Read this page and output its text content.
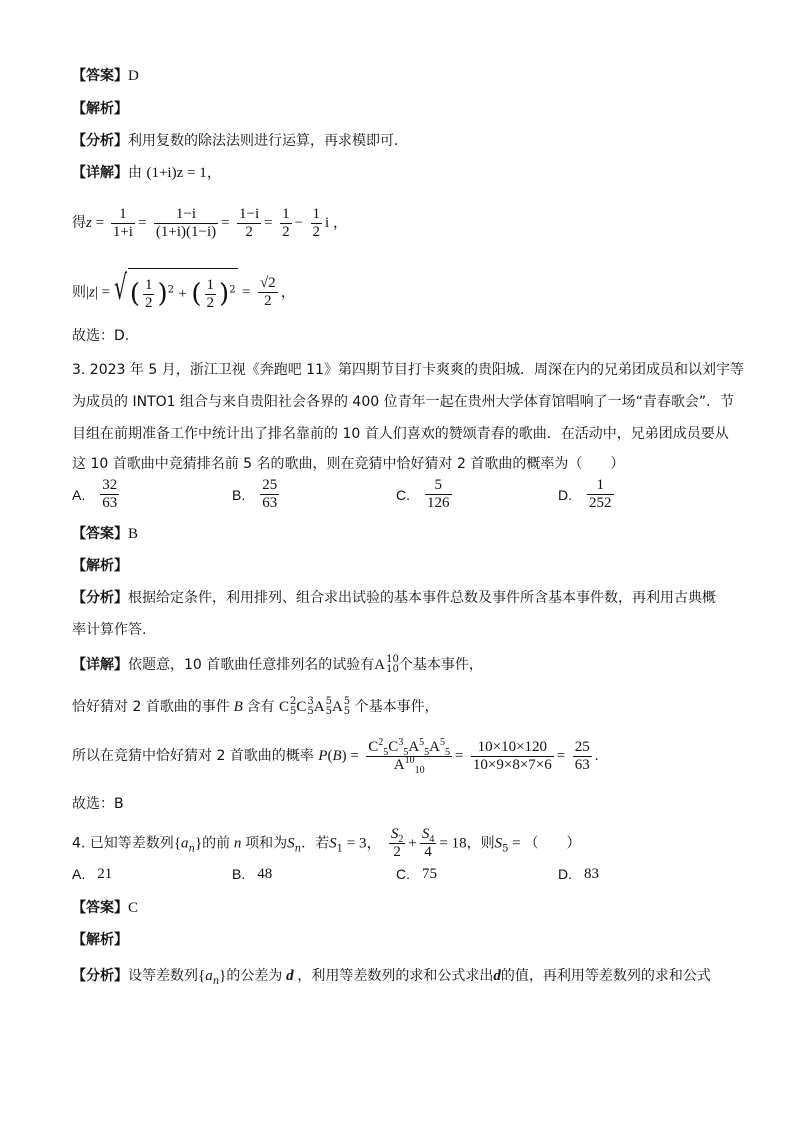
【答案】D
【解析】
【分析】利用复数的除法法则进行运算，再求模即可.
【详解】由 (1+i)z = 1，
得$z = \frac{1}{1+i} = \frac{1-i}{(1+i)(1-i)} = \frac{1-i}{2} = \frac{1}{2} - \frac{1}{2}$ i ，
则|z| = √ ( $\frac{1}{2} )^2$ + ( $\frac{1}{2} )^2 = \frac{√2}{2}$ ，
故选：D.
3. 2023 年 5 月，浙江卫视《奔跑吧 11》第四期节目打卡爽爽的贵阳城．周深在内的兄弟团成员和以刘宇等
为成员的 INTO1 组合与来自贵阳社会各界的 400 位青年一起在贵州大学体育馆唱响了一场“青春歌会”．节
目组在前期准备工作中统计出了排名靠前的 10 首人们喜欢的赞颂青春的歌曲．在活动中，兄弟团成员要从
这 10 首歌曲中竞猜排名前 5 名的歌曲，则在竞猜中恰好猜对 2 首歌曲的概率为（　　）
A. $\frac{32}{63}$	B. $\frac{25}{63}$	C. $\frac{5}{126}$	D. $\frac{1}{252}$
【答案】B
【解析】
【分析】根据给定条件，利用排列、组合求出试验的基本事件总数及事件所含基本事件数，再利用古典概
率计算作答.
【详解】依题意，10 首歌曲任意排列名的试验有A 10
10 个基本事件，
恰好猜对 2 首歌曲的事件 B 含有 C 2
5 C 3
5 A 5
5 A 5
5 个基本事件，
所以在竞猜中恰好猜对 2 首歌曲的概率 $P(B) = \frac{C^2_5C^3_5A^5_5A^5_5}{A^{10}_{10}} = \frac{10\times 10\times 120}{10\times 9\times 8\times 7\times 6} = \frac{25}{63}$ .
故选：B
4. 已知等差数列$\{a_n\}$的前 n 项和为$S_n$．若$S_1 = 3$， $\frac{S_2}{2} + \frac{S_4}{4} = 18$，则$S_5$ = （　　）
A. 21	B. 48	C. 75	D. 83
【答案】C
【解析】
【分析】设等差数列$\{a_n\}$的公差为 d ，利用等差数列的求和公式求出d的值，再利用等差数列的求和公式
